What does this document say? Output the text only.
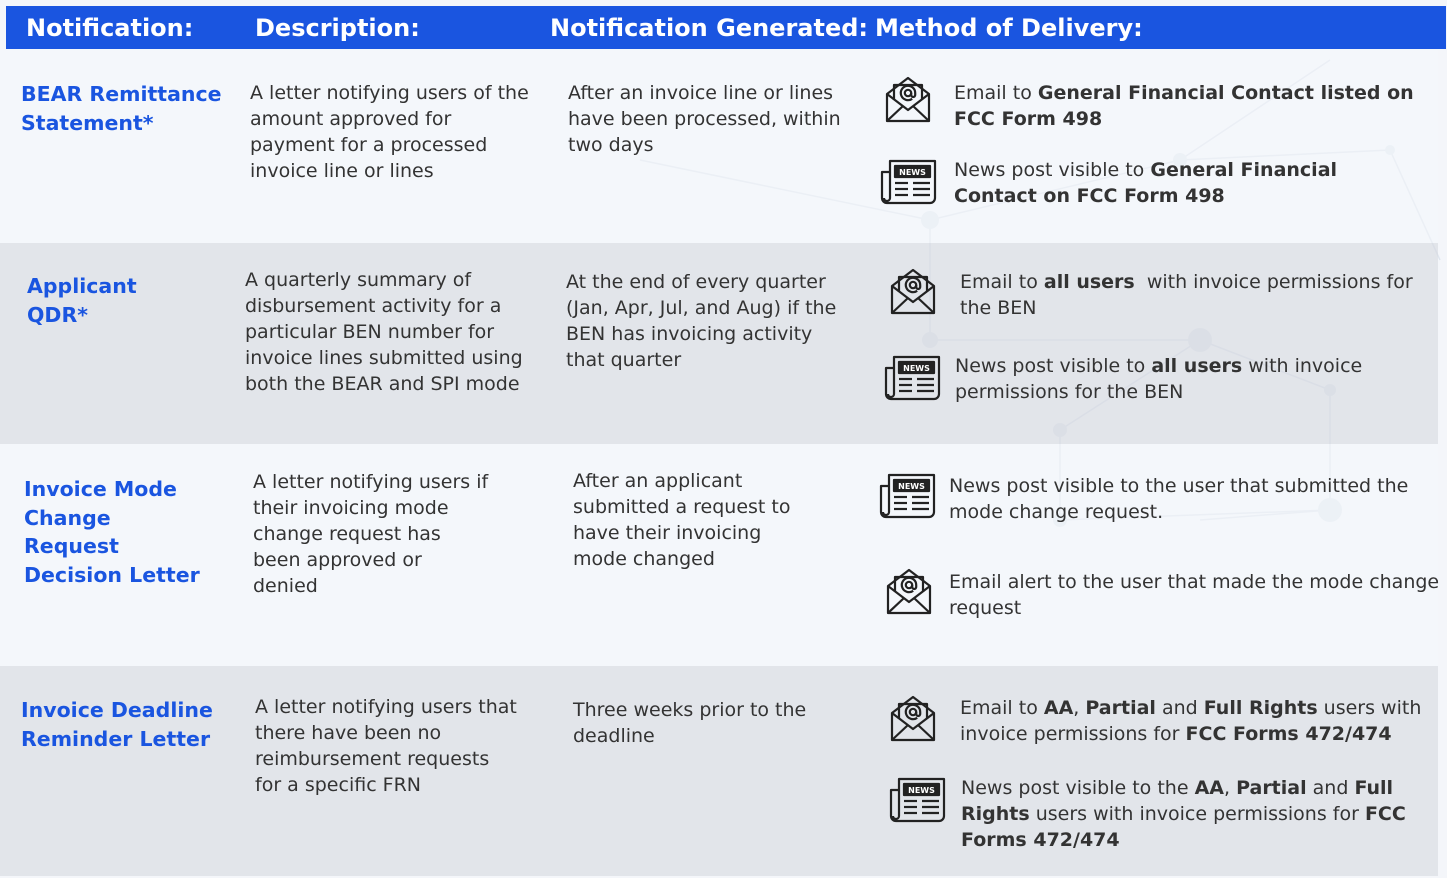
Notification:	Description:	Notification Generated: Method of Delivery:
BEAR Remittance
Statement*
A letter notifying users of the
amount approved for
payment for a processed
invoice line or lines
After an invoice line or lines
have been processed, within
two days
Email to General Financial Contact listed on
FCC Form 498
NEWS News post visible to General Financial
Contact on FCC Form 498
Applicant
QDR*
A quarterly summary of
disbursement activity for a
particular BEN number for
invoice lines submitted using
both the BEAR and SPI mode
At the end of every quarter
(Jan, Apr, Jul, and Aug) if the
BEN has invoicing activity
that quarter
Email to all users  with invoice permissions for
the BEN
NEWS News post visible to all users with invoice
permissions for the BEN
Invoice Mode
Change
Request
Decision Letter
A letter notifying users if
their invoicing mode
change request has
been approved or
denied
After an applicant
submitted a request to
have their invoicing
mode changed
NEWS News post visible to the user that submitted the
mode change request.
Email alert to the user that made the mode change
request
Invoice Deadline
Reminder Letter
A letter notifying users that
there have been no
reimbursement requests
for a specific FRN
Three weeks prior to the
deadline
Email to AA, Partial and Full Rights users with
invoice permissions for FCC Forms 472/474
NEWS News post visible to the AA, Partial and Full
Rights users with invoice permissions for FCC
Forms 472/474
